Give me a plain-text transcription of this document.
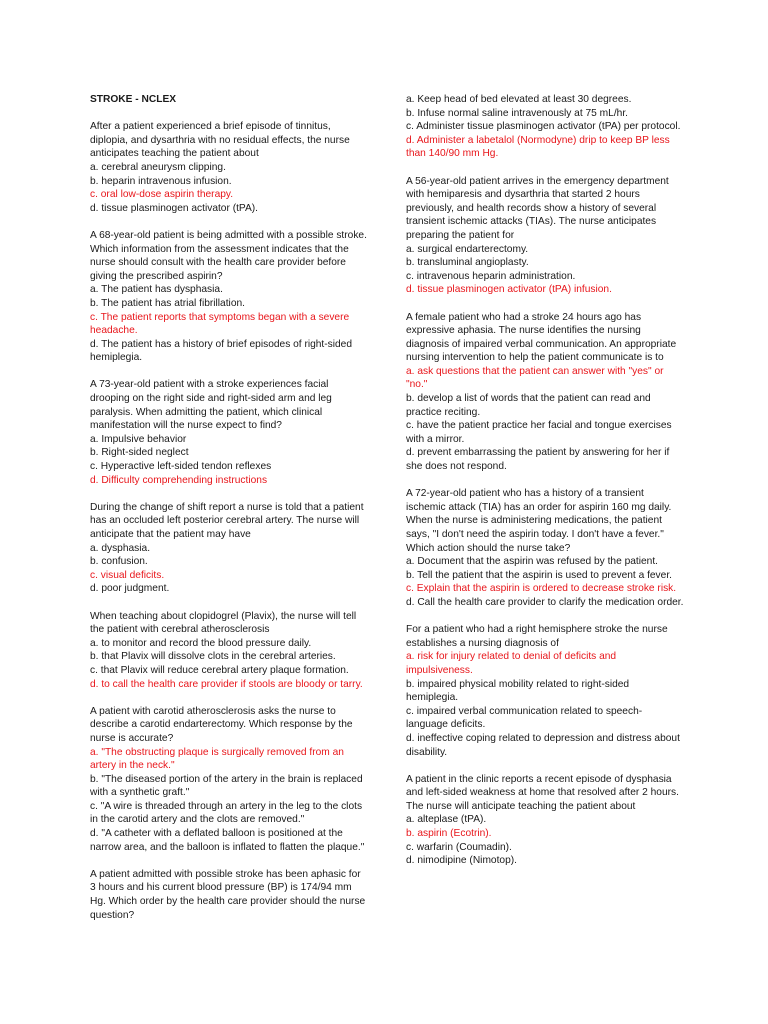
STROKE - NCLEX
After a patient experienced a brief episode of tinnitus, diplopia, and dysarthria with no residual effects, the nurse anticipates teaching the patient about
a. cerebral aneurysm clipping.
b. heparin intravenous infusion.
c. oral low-dose aspirin therapy.
d. tissue plasminogen activator (tPA).
A 68-year-old patient is being admitted with a possible stroke. Which information from the assessment indicates that the nurse should consult with the health care provider before giving the prescribed aspirin?
a. The patient has dysphasia.
b. The patient has atrial fibrillation.
c. The patient reports that symptoms began with a severe headache.
d. The patient has a history of brief episodes of right-sided hemiplegia.
A 73-year-old patient with a stroke experiences facial drooping on the right side and right-sided arm and leg paralysis. When admitting the patient, which clinical manifestation will the nurse expect to find?
a. Impulsive behavior
b. Right-sided neglect
c. Hyperactive left-sided tendon reflexes
d. Difficulty comprehending instructions
During the change of shift report a nurse is told that a patient has an occluded left posterior cerebral artery. The nurse will anticipate that the patient may have
a. dysphasia.
b. confusion.
c. visual deficits.
d. poor judgment.
When teaching about clopidogrel (Plavix), the nurse will tell the patient with cerebral atherosclerosis
a. to monitor and record the blood pressure daily.
b. that Plavix will dissolve clots in the cerebral arteries.
c. that Plavix will reduce cerebral artery plaque formation.
d. to call the health care provider if stools are bloody or tarry.
A patient with carotid atherosclerosis asks the nurse to describe a carotid endarterectomy. Which response by the nurse is accurate?
a. "The obstructing plaque is surgically removed from an artery in the neck."
b. "The diseased portion of the artery in the brain is replaced with a synthetic graft."
c. "A wire is threaded through an artery in the leg to the clots in the carotid artery and the clots are removed."
d. "A catheter with a deflated balloon is positioned at the narrow area, and the balloon is inflated to flatten the plaque."
A patient admitted with possible stroke has been aphasic for 3 hours and his current blood pressure (BP) is 174/94 mm Hg. Which order by the health care provider should the nurse question?
a. Keep head of bed elevated at least 30 degrees.
b. Infuse normal saline intravenously at 75 mL/hr.
c. Administer tissue plasminogen activator (tPA) per protocol.
d. Administer a labetalol (Normodyne) drip to keep BP less than 140/90 mm Hg.
A 56-year-old patient arrives in the emergency department with hemiparesis and dysarthria that started 2 hours previously, and health records show a history of several transient ischemic attacks (TIAs). The nurse anticipates preparing the patient for
a. surgical endarterectomy.
b. transluminal angioplasty.
c. intravenous heparin administration.
d. tissue plasminogen activator (tPA) infusion.
A female patient who had a stroke 24 hours ago has expressive aphasia. The nurse identifies the nursing diagnosis of impaired verbal communication. An appropriate nursing intervention to help the patient communicate is to
a. ask questions that the patient can answer with "yes" or "no."
b. develop a list of words that the patient can read and practice reciting.
c. have the patient practice her facial and tongue exercises with a mirror.
d. prevent embarrassing the patient by answering for her if she does not respond.
A 72-year-old patient who has a history of a transient ischemic attack (TIA) has an order for aspirin 160 mg daily. When the nurse is administering medications, the patient says, "I don't need the aspirin today. I don't have a fever." Which action should the nurse take?
a. Document that the aspirin was refused by the patient.
b. Tell the patient that the aspirin is used to prevent a fever.
c. Explain that the aspirin is ordered to decrease stroke risk.
d. Call the health care provider to clarify the medication order.
For a patient who had a right hemisphere stroke the nurse establishes a nursing diagnosis of
a. risk for injury related to denial of deficits and impulsiveness.
b. impaired physical mobility related to right-sided hemiplegia.
c. impaired verbal communication related to speech-language deficits.
d. ineffective coping related to depression and distress about disability.
A patient in the clinic reports a recent episode of dysphasia and left-sided weakness at home that resolved after 2 hours. The nurse will anticipate teaching the patient about
a. alteplase (tPA).
b. aspirin (Ecotrin).
c. warfarin (Coumadin).
d. nimodipine (Nimotop).
